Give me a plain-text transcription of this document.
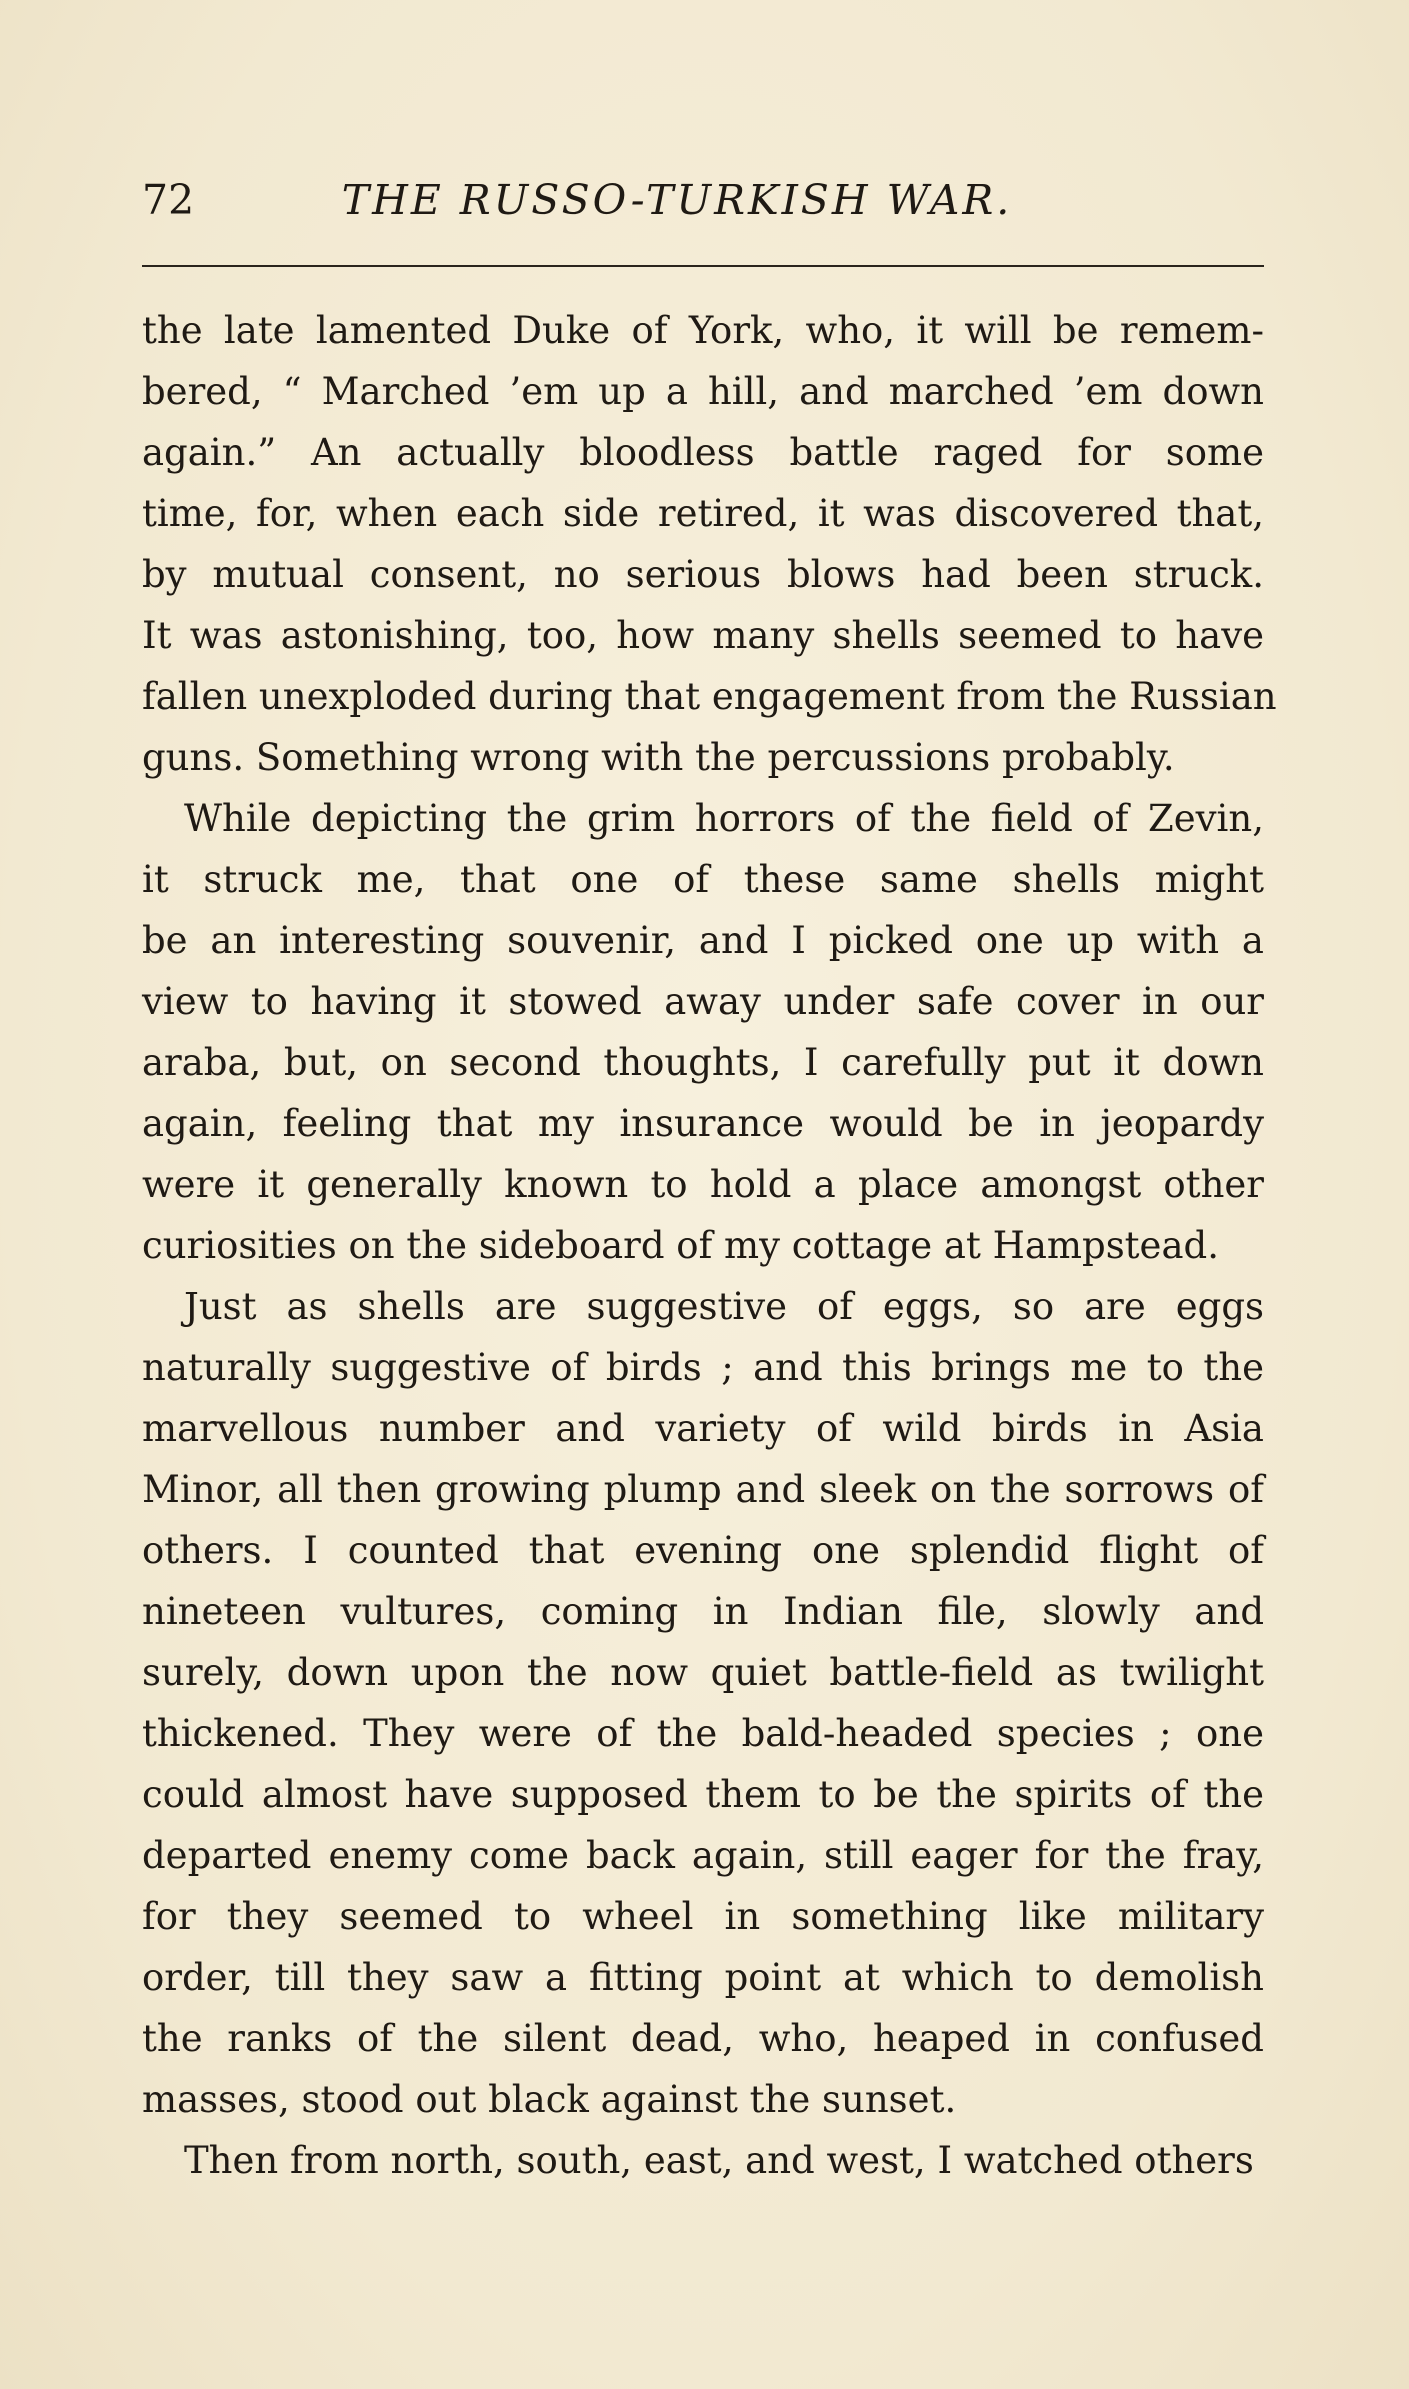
72	THE RUSSO-TURKISH WAR.
the late lamented Duke of York, who, it will be remem-
bered, “ Marched ’em up a hill, and marched ’em down
again.” An actually bloodless battle raged for some
time, for, when each side retired, it was discovered that,
by mutual consent, no serious blows had been struck.
It was astonishing, too, how many shells seemed to have
fallen unexploded during that engagement from the Russian
guns. Something wrong with the percussions probably.
While depicting the grim horrors of the field of Zevin,
it struck me, that one of these same shells might
be an interesting souvenir, and I picked one up with a
view to having it stowed away under safe cover in our
araba, but, on second thoughts, I carefully put it down
again, feeling that my insurance would be in jeopardy
were it generally known to hold a place amongst other
curiosities on the sideboard of my cottage at Hampstead.
Just as shells are suggestive of eggs, so are eggs
naturally suggestive of birds ; and this brings me to the
marvellous number and variety of wild birds in Asia
Minor, all then growing plump and sleek on the sorrows of
others. I counted that evening one splendid flight of
nineteen vultures, coming in Indian file, slowly and
surely, down upon the now quiet battle-field as twilight
thickened. They were of the bald-headed species ; one
could almost have supposed them to be the spirits of the
departed enemy come back again, still eager for the fray,
for they seemed to wheel in something like military
order, till they saw a fitting point at which to demolish
the ranks of the silent dead, who, heaped in confused
masses, stood out black against the sunset.
Then from north, south, east, and west, I watched others
